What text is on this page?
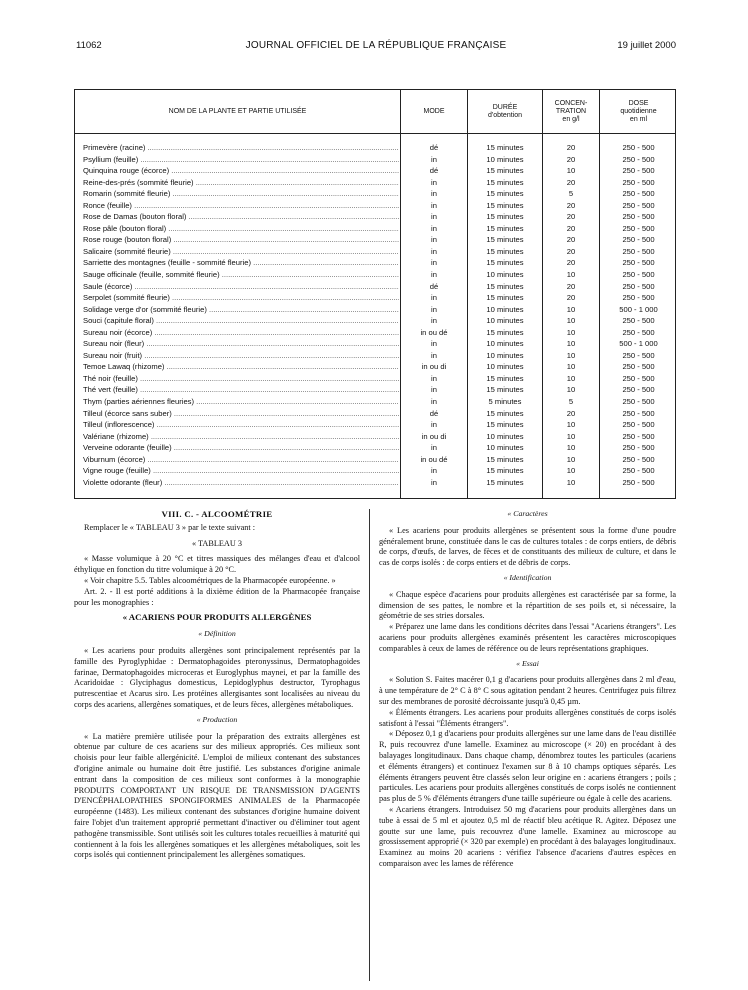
11062	JOURNAL OFFICIEL DE LA RÉPUBLIQUE FRANÇAISE	19 juillet 2000
NOM DE LA PLANTE ET PARTIE UTILISÉE	MODE
DURÉE
d'obtention
CONCEN-
TRATION
en g/l
DOSE
quotidienne
en ml
Primevère (racine) .....	dé	15 minutes	20	250 - 500
Psyllium (feuille) .....	in	10 minutes	20	250 - 500
Quinquina rouge (écorce) .....	dé	15 minutes	10	250 - 500
Reine-des-prés (sommité fleurie) .....	in	15 minutes	20	250 - 500
Romarin (sommité fleurie) .....	in	15 minutes	5	250 - 500
Ronce (feuille) .....	in	15 minutes	20	250 - 500
Rose de Damas (bouton floral) .....	in	15 minutes	20	250 - 500
Rose pâle (bouton floral) .....	in	15 minutes	20	250 - 500
Rose rouge (bouton floral) .....	in	15 minutes	20	250 - 500
Salicaire (sommité fleurie) .....	in	15 minutes	20	250 - 500
Sarriette des montagnes (feuille - sommité fleurie) .....	in	15 minutes	20	250 - 500
Sauge officinale (feuille, sommité fleurie) .....	in	10 minutes	10	250 - 500
Saule (écorce) .....	dé	15 minutes	20	250 - 500
Serpolet (sommité fleurie) .....	in	15 minutes	20	250 - 500
Solidage verge d'or (sommité fleurie) .....	in	10 minutes	10	500 - 1 000
Souci (capitule floral) .....	in	10 minutes	10	250 - 500
Sureau noir (écorce) .....	in ou dé	15 minutes	10	250 - 500
Sureau noir (fleur) .....	in	10 minutes	10	500 - 1 000
Sureau noir (fruit) .....	in	10 minutes	10	250 - 500
Temoe Lawaq (rhizome) .....	in ou di	10 minutes	10	250 - 500
Thé noir (feuille) .....	in	15 minutes	10	250 - 500
Thé vert (feuille) .....	in	15 minutes	10	250 - 500
Thym (parties aériennes fleuries) .....	in	5 minutes	5	250 - 500
Tilleul (écorce sans suber) .....	dé	15 minutes	20	250 - 500
Tilleul (inflorescence) .....	in	15 minutes	10	250 - 500
Valériane (rhizome) .....	in ou di	10 minutes	10	250 - 500
Verveine odorante (feuille) .....	in	10 minutes	10	250 - 500
Viburnum (écorce) .....	in ou dé	15 minutes	10	250 - 500
Vigne rouge (feuille) .....	in	15 minutes	10	250 - 500
Violette odorante (fleur) .....	in	15 minutes	10	250 - 500

VIII. C. - ALCOOMÉTRIE

Remplacer le « TABLEAU 3 » par le texte suivant :

« TABLEAU 3

« Masse volumique à 20 °C et titres massiques des mélanges d'eau et d'alcool éthylique en fonction du titre volumique à 20 °C.

« Voir chapitre 5.5. Tables alcoométriques de la Pharmacopée européenne. »

Art. 2. - Il est porté additions à la dixième édition de la Pharmacopée française pour les monographies :

« ACARIENS POUR PRODUITS ALLERGÈNES

« Définition

« Les acariens pour produits allergènes sont principalement représentés par la famille des Pyroglyphidae : Dermatophagoides pteronyssinus, Dermatophagoides farinae, Dermatophagoides microceras et Euroglyphus maynei, et par la famille des Acaridoidae : Glyciphagus domesticus, Lepidoglyphus destructor, Tyrophagus putrescentiae et Acarus siro. Les protéines allergisantes sont localisées au niveau du corps des acariens, allergènes somatiques, et de leurs fèces, allergènes métaboliques.

« Production

« La matière première utilisée pour la préparation des extraits allergènes est obtenue par culture de ces acariens sur des milieux appropriés. Ces milieux sont choisis pour leur faible allergénicité. L'emploi de milieux contenant des substances d'origine animale ou humaine doit être justifié. Les substances d'origine animale entrant dans la composition de ces milieux sont conformes à la monographie PRODUITS COMPORTANT UN RISQUE DE TRANSMISSION D'AGENTS D'ENCÉPHALOPATHIES SPONGIFORMES ANIMALES de la Pharmacopée européenne (1483). Les milieux contenant des substances d'origine humaine doivent faire l'objet d'un traitement approprié permettant d'inactiver ou d'éliminer tout agent pathogène transmissible. Sont utilisés soit les cultures totales recueillies à maturité qui contiennent à la fois les allergènes somatiques et les allergènes métaboliques, soit les corps isolés qui contiennent principalement les allergènes somatiques.

« Caractères

« Les acariens pour produits allergènes se présentent sous la forme d'une poudre généralement brune, constituée dans le cas de cultures totales : de corps entiers, de débris de corps, d'œufs, de larves, de fèces et de constituants des milieux de culture, et dans le cas de corps isolés : de corps entiers et de débris de corps.

« Identification

« Chaque espèce d'acariens pour produits allergènes est caractérisée par sa forme, la dimension de ses pattes, le nombre et la répartition de ses poils et, si nécessaire, la géométrie de ses stries dorsales.

« Préparez une lame dans les conditions décrites dans l'essai "Acariens étrangers". Les acariens pour produits allergènes examinés présentent les caractères microscopiques comparables à ceux de lames de référence ou de leurs représentations graphiques.

« Essai

« Solution S. Faites macérer 0,1 g d'acariens pour produits allergènes dans 2 ml d'eau, à une température de 2° C à 8° C sous agitation pendant 2 heures. Centrifugez puis filtrez sur des membranes de porosité décroissante jusqu'à 0,45 µm.

« Éléments étrangers. Les acariens pour produits allergènes constitués de corps isolés satisfont à l'essai "Éléments étrangers".

« Déposez 0,1 g d'acariens pour produits allergènes sur une lame dans de l'eau distillée R, puis recouvrez d'une lamelle. Examinez au microscope (× 20) en procédant à des balayages longitudinaux. Dans chaque champ, dénombrez toutes les particules (acariens et éléments étrangers) et continuez l'examen sur 8 à 10 champs optiques séparés. Les éléments étrangers peuvent être classés selon leur origine en : acariens étrangers ; poils ; particules. Les acariens pour produits allergènes constitués de corps isolés ne contiennent pas plus de 5 % d'éléments étrangers d'une taille supérieure ou égale à celle des acariens.

« Acariens étrangers. Introduisez 50 mg d'acariens pour produits allergènes dans un tube à essai de 5 ml et ajoutez 0,5 ml de réactif bleu acétique R. Agitez. Déposez une goutte sur une lame, puis recouvrez d'une lamelle. Examinez au microscope au grossissement approprié (× 320 par exemple) en procédant à des balayages longitudinaux. Examinez au moins 20 acariens : vérifiez l'absence d'acariens d'autres espèces en comparaison avec les lames de référence
